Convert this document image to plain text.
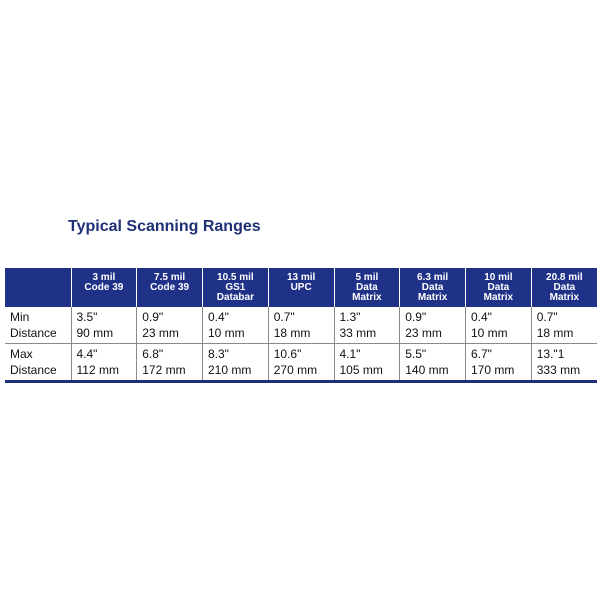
Typical Scanning Ranges

	3 mil
Code 39	7.5 mil
Code 39	10.5 mil
GS1
Databar	13 mil
UPC	5 mil
Data
Matrix	6.3 mil
Data
Matrix	10 mil
Data
Matrix	20.8 mil
Data
Matrix

Min
Distance	3.5"
90 mm	0.9"
23 mm	0.4"
10 mm	0.7"
18 mm	1.3"
33 mm	0.9"
23 mm	0.4"
10 mm	0.7"
18 mm

Max
Distance	4.4"
112 mm	6.8"
172 mm	8.3"
210 mm	10.6"
270 mm	4.1"
105 mm	5.5"
140 mm	6.7"
170 mm	13."1
333 mm
